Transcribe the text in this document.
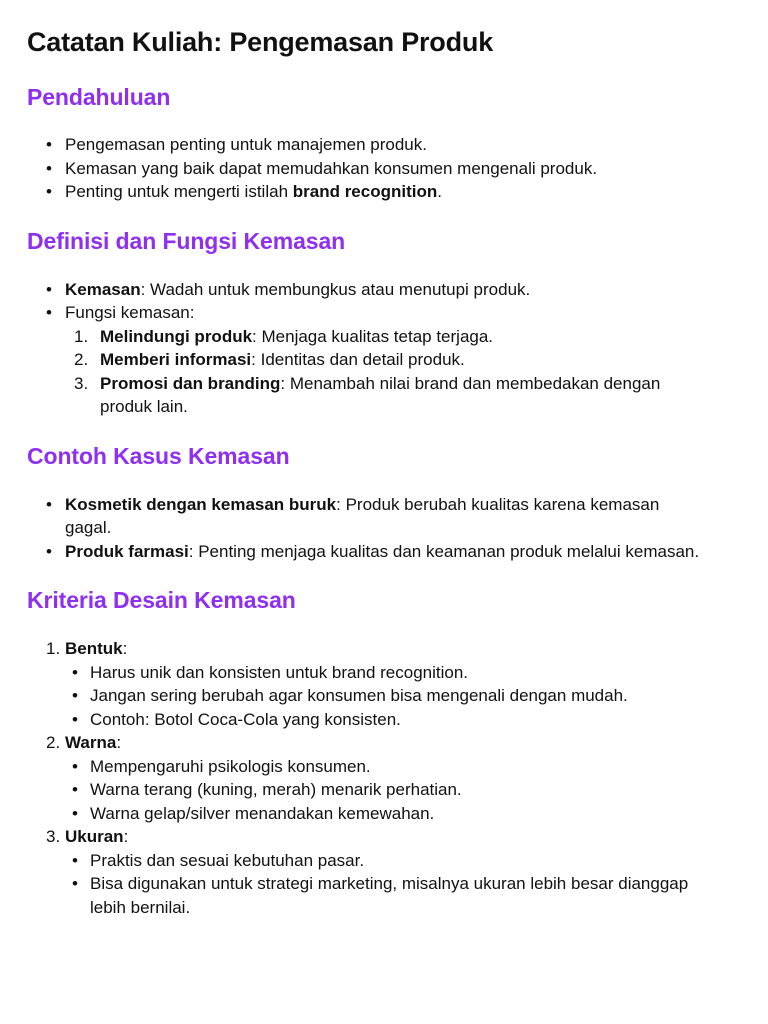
Catatan Kuliah: Pengemasan Produk
Pendahuluan
• Pengemasan penting untuk manajemen produk.
• Kemasan yang baik dapat memudahkan konsumen mengenali produk.
• Penting untuk mengerti istilah brand recognition.
Definisi dan Fungsi Kemasan
• Kemasan: Wadah untuk membungkus atau menutupi produk.
• Fungsi kemasan:
1. Melindungi produk: Menjaga kualitas tetap terjaga.
2. Memberi informasi: Identitas dan detail produk.
3. Promosi dan branding: Menambah nilai brand dan membedakan dengan produk lain.
Contoh Kasus Kemasan
• Kosmetik dengan kemasan buruk: Produk berubah kualitas karena kemasan gagal.
• Produk farmasi: Penting menjaga kualitas dan keamanan produk melalui kemasan.
Kriteria Desain Kemasan
1. Bentuk:
• Harus unik dan konsisten untuk brand recognition.
• Jangan sering berubah agar konsumen bisa mengenali dengan mudah.
• Contoh: Botol Coca-Cola yang konsisten.
2. Warna:
• Mempengaruhi psikologis konsumen.
• Warna terang (kuning, merah) menarik perhatian.
• Warna gelap/silver menandakan kemewahan.
3. Ukuran:
• Praktis dan sesuai kebutuhan pasar.
• Bisa digunakan untuk strategi marketing, misalnya ukuran lebih besar dianggap lebih bernilai.
